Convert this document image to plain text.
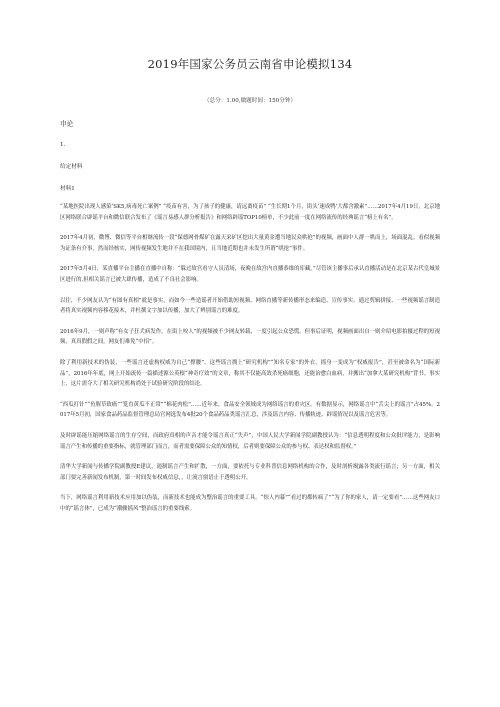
2019年国家公务员云南省申论模拟134
（总分：1.00,做题时间：150分钟）
申论
1.
给定材料
材料1

“某地医院出现人感染‘SK5,病毒死亡案例” “疫苗有害，为了孩子的健康，请远离疫苗” “生长期1个月，街头‘速成鸭’大都含激素”……2017年4月19日，北京地区网络联合辟谣平台和微信联合发布了《谣言易感人群分析报告》和网络辟谣TOP10榜单，不少此前一度在网络流传的经典谣言“榜上有名”。

2017年4月初，微博、微信等平台相继流传一段“保德网骨煤矿在露天采矿区挖出大量黄金遭当地民众哄抢”的视频，画面中人群一哄而上，场面混乱。看似视频为证条有介事，然而经核实，网传视频发生地并不在我国境内，且当地近期也并未发生所谓“哄抢”事件。

2017年5月4日，某直播平台主播在直播中自称：“躲过故宫看守人员清场，夜晚在故宫内直播恭维的库藏。”尽管该主播事后承认直播活动是在北京某古代皇城景区进行的.但相关谣言已被大肆传播，造成了不良社会影响。

以往，不少网友认为“有图有真相”就是事实，而如今一些造谣者开始借助短视频、网络直播等新传播形态来编造、宣传事实。通过剪辑拼接、一些视频谣言制造者将真实视频内容移花接木，并杜撰文字加以传播，加大了辨别谣言的难度。

2016年9月，一则声称“有女子狂犬病发作，在街上咬人”的视频被不少网友转载，一度引起公众恐慌。但事后证明，视频画面出自一则介绍电影拍摄过程的短视频，真真假假之间，网友们难免“中招”。

除了利用新技术的伪装，一些谣言还虚构权威为自己“撑腰”，这些谣言拥上“研究机构”“知名专家”的外衣，摇身一变成为“权威报告”，甚至被命名为“国际新品”，2016年年底，网上开始流传一篇描述源公英根“神奇疗效”的文章，称其不仅能高效杀死癌细胞，还能治愈白血病，并搬出“加拿大某研究机构”背书。事实上，这片需夺大了相关研究机构尚处于试验研究阶段的结论。

“西瓜打针”“鱼腥草致癌”“笼直黄瓜不正常”“棉花肉松”……近年来，食品安全领域成为网络谣言的重灾区。有数据显示，网络谣言中“舌尖上的谣言”占45%。2017年5月初，国家食品药品监督管理总局官网选发布4批20个食品药品类谣言汇总，涉及谣言内容、传播轨迹、辟谣情况以及谣言危害等。

及时辟谣能压缩网络谣言的生存空间，而政府真相的声音才能令谣言真正“失声”，中国人民大学新闻学院副教授认为：“信息透明程度和公众批评能力，是影响谣言产生和传播的重要指标，就管理部门而言，而者需要保障公众的知情权，后者则要保障公众的参与权、表达权和监督权。”

清华大学新闻与传播学院副教授E建议，遏制谣言产生和扩散，一方面，要依托与专业科普信息网络机构的合作，及时剖析揭露各类流行谣言；另一方面，相关部门要完善新闻发布机制，第一时间发布权威信息，，让流言窗语止于透明公开。

当下，网络谣言利用新技术应用加以伪装，而新技术也能成为整治谣言的重要工具。“惊人内幕”“看过的都转疯了”“为了你的家人，请一定要看”……这些网友口中的“谣言体”，已成为“潮骤摇风”整治谣言的重要线索。
